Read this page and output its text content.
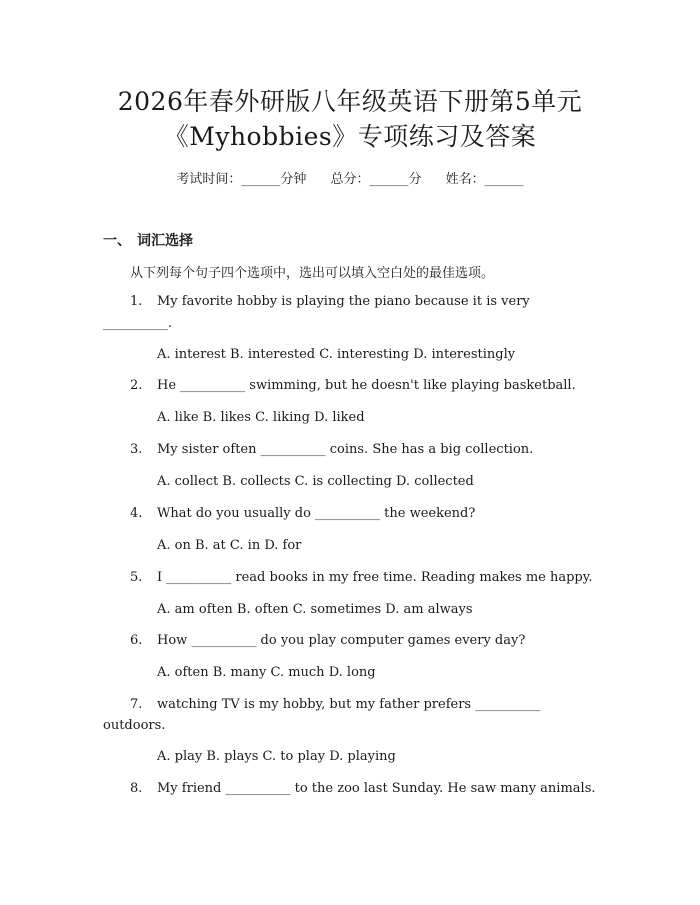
2026年春外研版八年级英语下册第5单元
《Myhobbies》专项练习及答案
考试时间：______分钟 总分：______分 姓名：______
一、 词汇选择
从下列每个句子四个选项中，选出可以填入空白处的最佳选项。
1. My favorite hobby is playing the piano because it is very
__________.
A. interest B. interested C. interesting D. interestingly
2. He __________ swimming, but he doesn't like playing basketball.
A. like B. likes C. liking D. liked
3. My sister often __________ coins. She has a big collection.
A. collect B. collects C. is collecting D. collected
4. What do you usually do __________ the weekend?
A. on B. at C. in D. for
5. I __________ read books in my free time. Reading makes me happy.
A. am often B. often C. sometimes D. am always
6. How __________ do you play computer games every day?
A. often B. many C. much D. long
7. watching TV is my hobby, but my father prefers __________
outdoors.
A. play B. plays C. to play D. playing
8. My friend __________ to the zoo last Sunday. He saw many animals.
